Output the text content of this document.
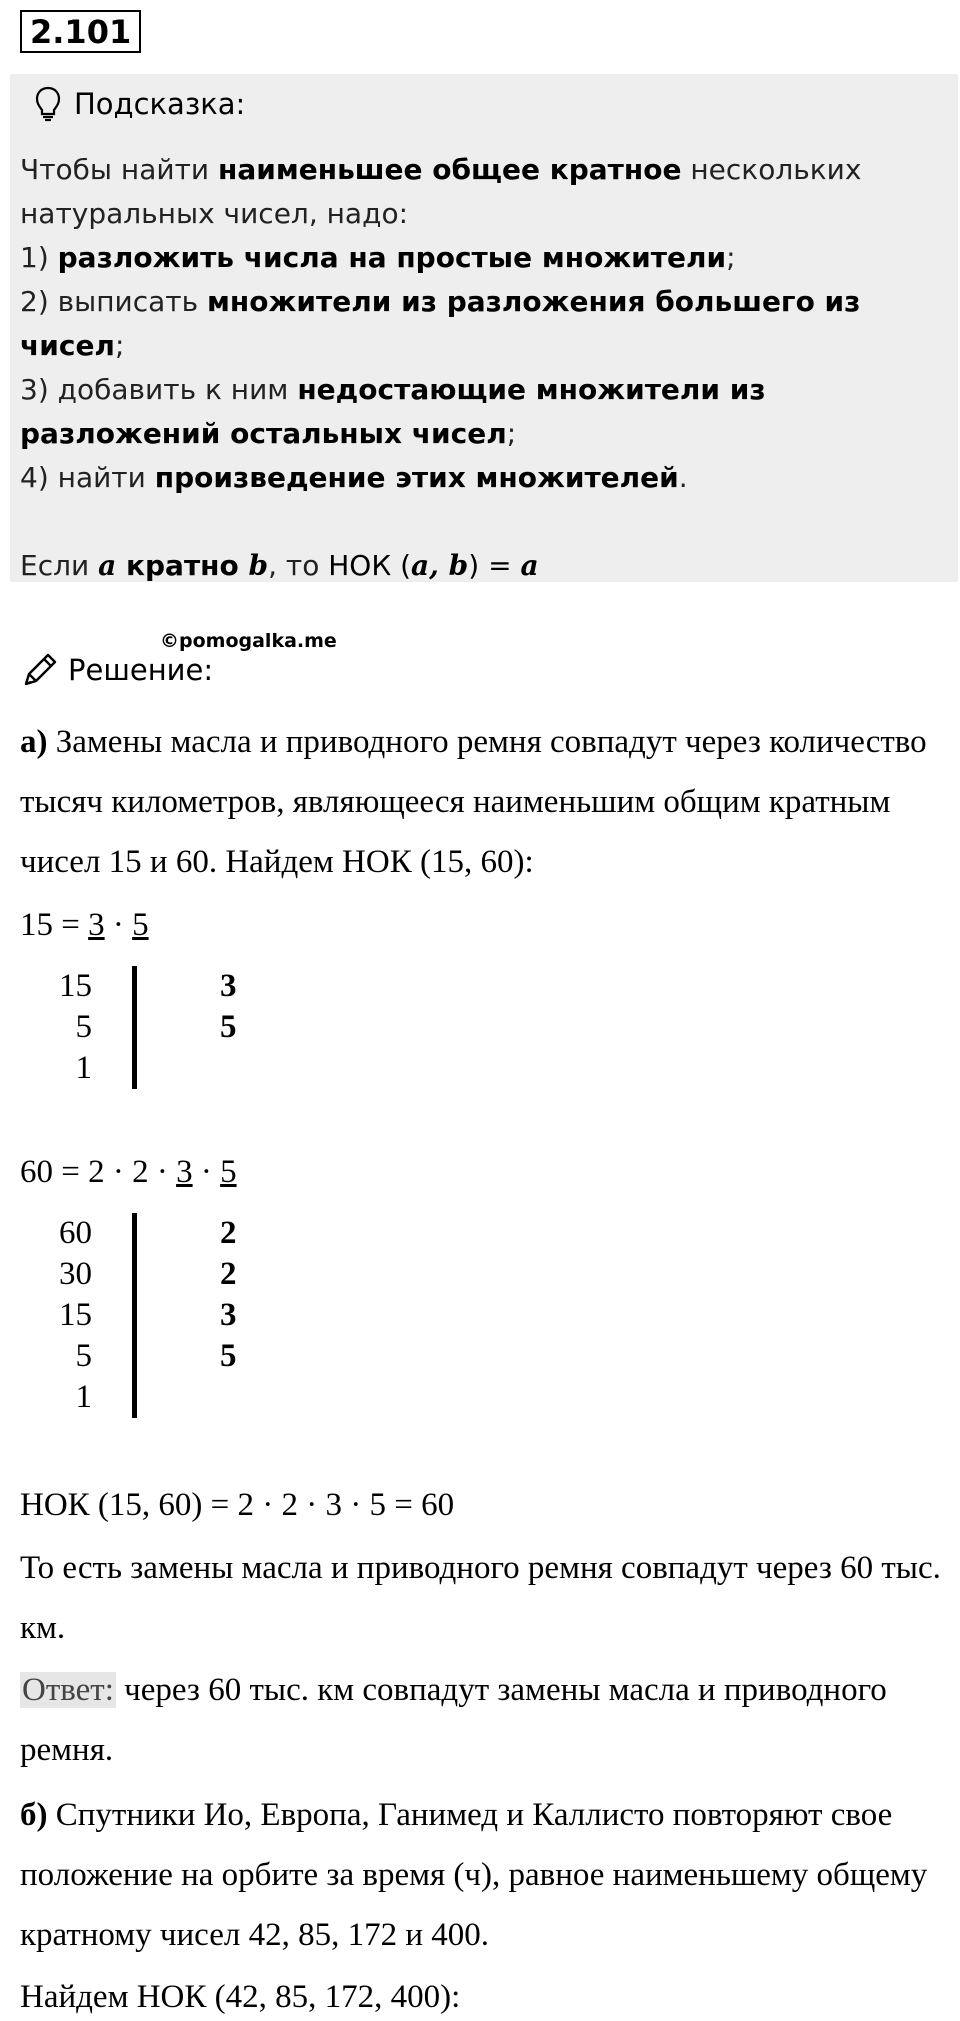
2.101
Подсказка:

Чтобы найти наименьшее общее кратное нескольких натуральных чисел, надо:

1) разложить числа на простые множители;

2) выписать множители из разложения большего из чисел;

3) добавить к ним недостающие множители из разложений остальных чисел;

4) найти произведение этих множителей.

Если a кратно b, то НОК (a, b) = a

©pomogalka.me
Решение:
а) Замены масла и приводного ремня совпадут через количество тысяч километров, являющееся наименьшим общим кратным чисел 15 и 60. Найдем НОК (15, 60):
15 = 3 · 5
15	3
5	5
1
60 = 2 · 2 · 3 · 5
60	2
30	2
15	3
5	5
1
НОК (15, 60) = 2 · 2 · 3 · 5 = 60
То есть замены масла и приводного ремня совпадут через 60 тыс. км.
Ответ: через 60 тыс. км совпадут замены масла и приводного ремня.
б) Спутники Ио, Европа, Ганимед и Каллисто повторяют свое положение на орбите за время (ч), равное наименьшему общему кратному чисел 42, 85, 172 и 400.
Найдем НОК (42, 85, 172, 400):
